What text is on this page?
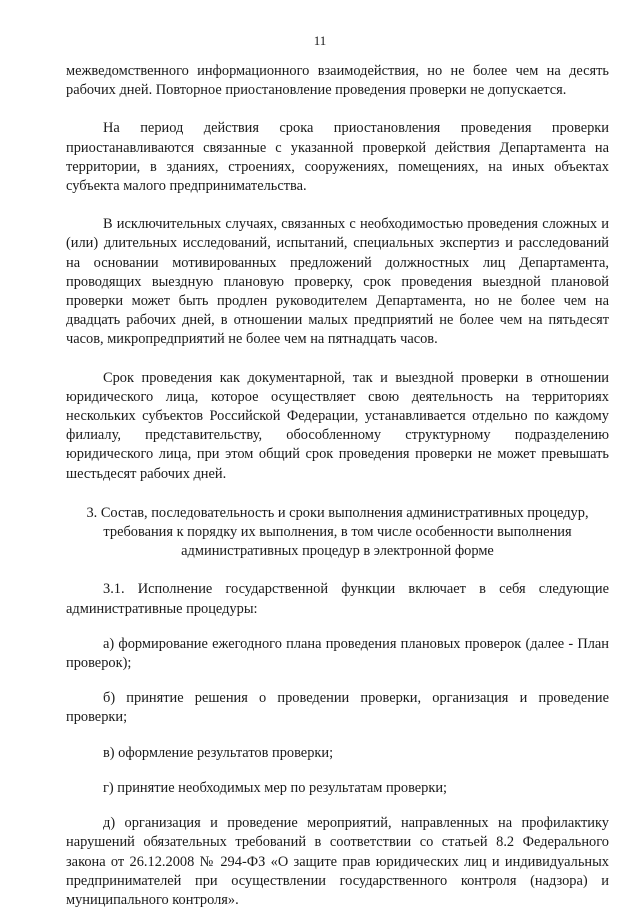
11

межведомственного информационного взаимодействия, но не более чем на десять рабочих дней. Повторное приостановление проведения проверки не допускается.

На период действия срока приостановления проведения проверки приостанавливаются связанные с указанной проверкой действия Департамента на территории, в зданиях, строениях, сооружениях, помещениях, на иных объектах субъекта малого предпринимательства.

В исключительных случаях, связанных с необходимостью проведения сложных и (или) длительных исследований, испытаний, специальных экспертиз и расследований на основании мотивированных предложений должностных лиц Департамента, проводящих выездную плановую проверку, срок проведения выездной плановой проверки может быть продлен руководителем Департамента, но не более чем на двадцать рабочих дней, в отношении малых предприятий не более чем на пятьдесят часов, микропредприятий не более чем на пятнадцать часов.

Срок проведения как документарной, так и выездной проверки в отношении юридического лица, которое осуществляет свою деятельность на территориях нескольких субъектов Российской Федерации, устанавливается отдельно по каждому филиалу, представительству, обособленному структурному подразделению юридического лица, при этом общий срок проведения проверки не может превышать шестьдесят рабочих дней.

3. Состав, последовательность и сроки выполнения административных процедур,
требования к порядку их выполнения, в том числе особенности выполнения
административных процедур в электронной форме

3.1. Исполнение государственной функции включает в себя следующие административные процедуры:

а) формирование ежегодного плана проведения плановых проверок (далее - План проверок);

б) принятие решения о проведении проверки, организация и проведение проверки;

в) оформление результатов проверки;

г) принятие необходимых мер по результатам проверки;

д) организация и проведение мероприятий, направленных на профилактику нарушений обязательных требований в соответствии со статьей 8.2 Федерального закона от 26.12.2008 № 294-ФЗ «О защите прав юридических лиц и индивидуальных предпринимателей при осуществлении государственного контроля (надзора) и муниципального контроля».
